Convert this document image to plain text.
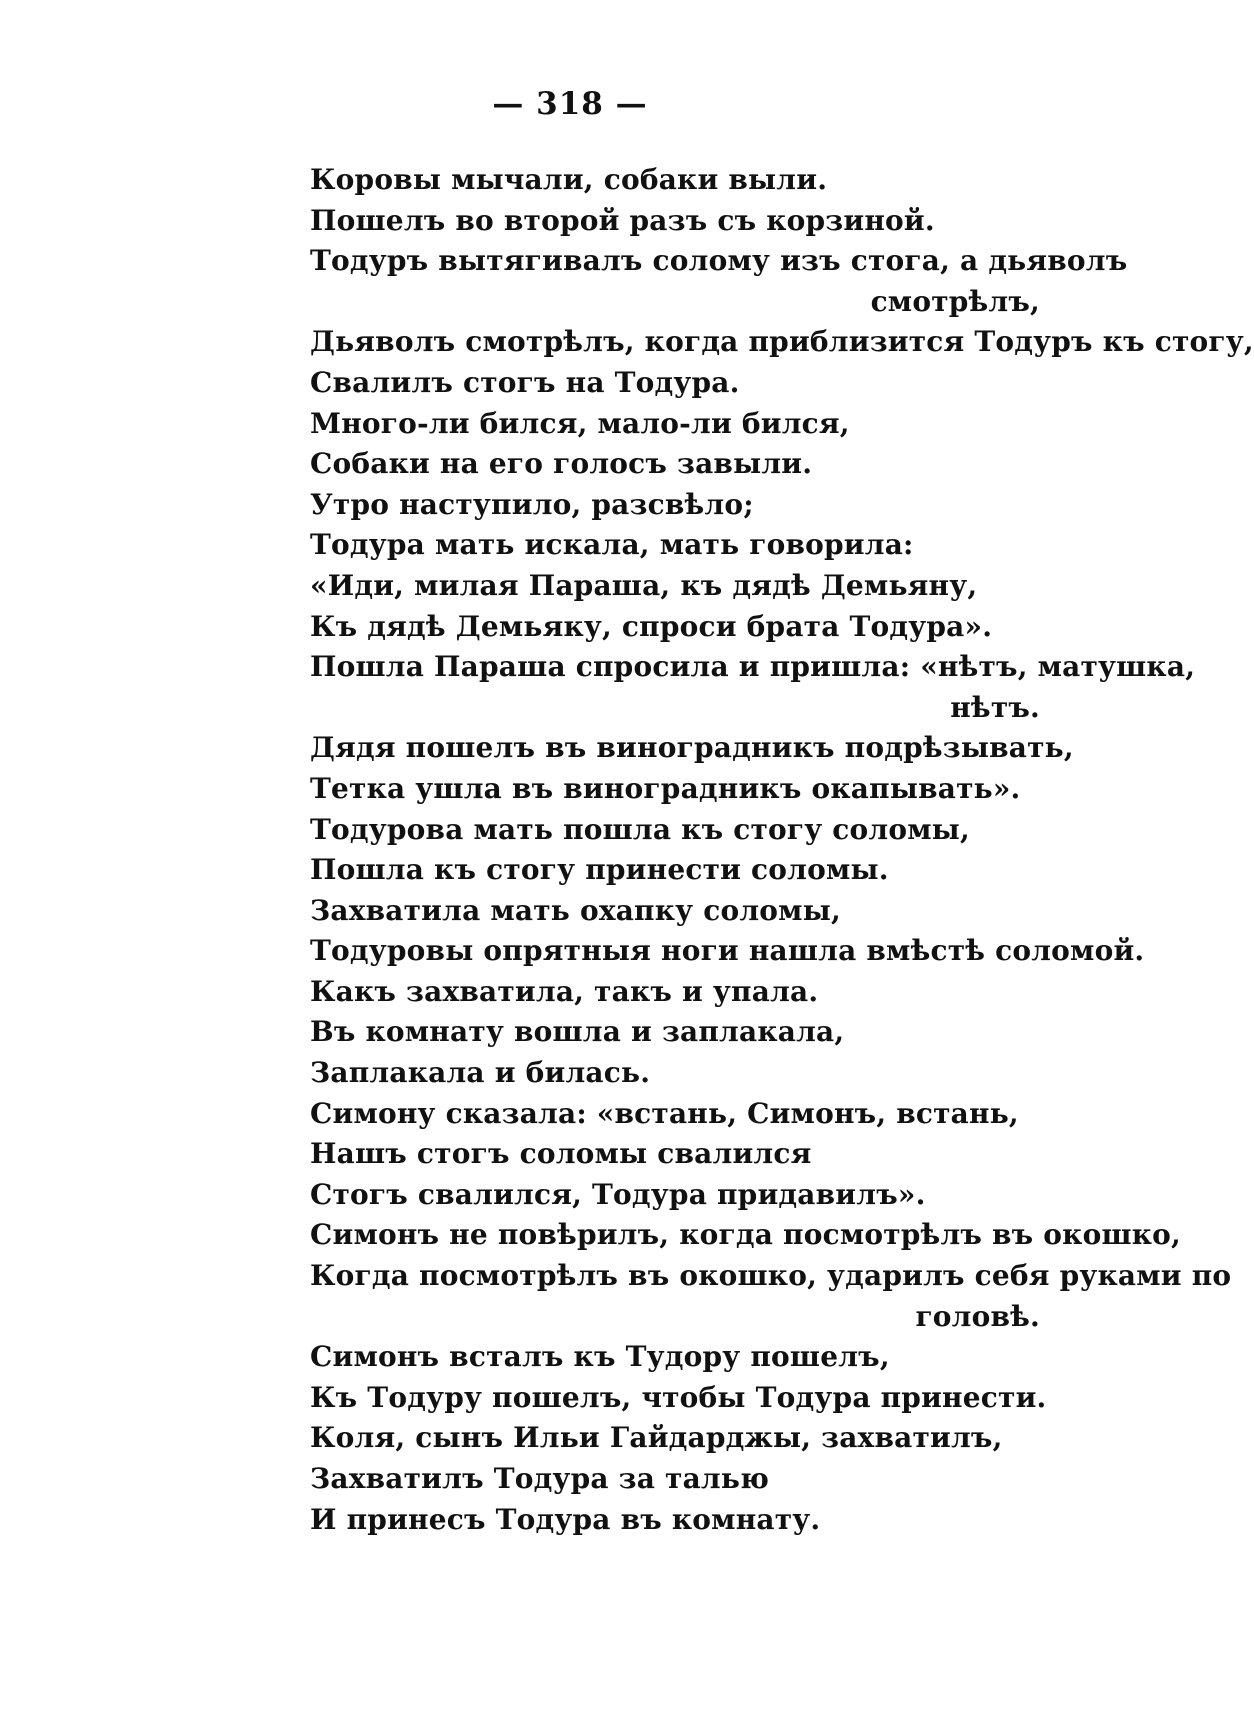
— 318 —
Коровы мычали, собаки выли.
Пошелъ во второй разъ съ корзиной.
Тодуръ вытягивалъ солому изъ стога, а дьяволъ
смотрѣлъ,
Дьяволъ смотрѣлъ, когда приблизится Тодуръ къ стогу,
Свалилъ стогъ на Тодура.
Много-ли бился, мало-ли бился,
Собаки на его голосъ завыли.
Утро наступило, разсвѣло;
Тодура мать искала, мать говорила:
«Иди, милая Параша, къ дядѣ Демьяну,
Къ дядѣ Демьяку, спроси брата Тодура».
Пошла Параша спросила и пришла: «нѣтъ, матушка,
нѣтъ.
Дядя пошелъ въ виноградникъ подрѣзывать,
Тетка ушла въ виноградникъ окапывать».
Тодурова мать пошла къ стогу соломы,
Пошла къ стогу принести соломы.
Захватила мать охапку соломы,
Тодуровы опрятныя ноги нашла вмѣстѣ соломой.
Какъ захватила, такъ и упала.
Въ комнату вошла и заплакала,
Заплакала и билась.
Симону сказала: «встань, Симонъ, встань,
Нашъ стогъ соломы свалился
Стогъ свалился, Тодура придавилъ».
Симонъ не повѣрилъ, когда посмотрѣлъ въ окошко,
Когда посмотрѣлъ въ окошко, ударилъ себя руками по
головѣ.
Симонъ всталъ къ Тудору пошелъ,
Къ Тодуру пошелъ, чтобы Тодура принести.
Коля, сынъ Ильи Гайдарджы, захватилъ,
Захватилъ Тодура за талью
И принесъ Тодура въ комнату.
